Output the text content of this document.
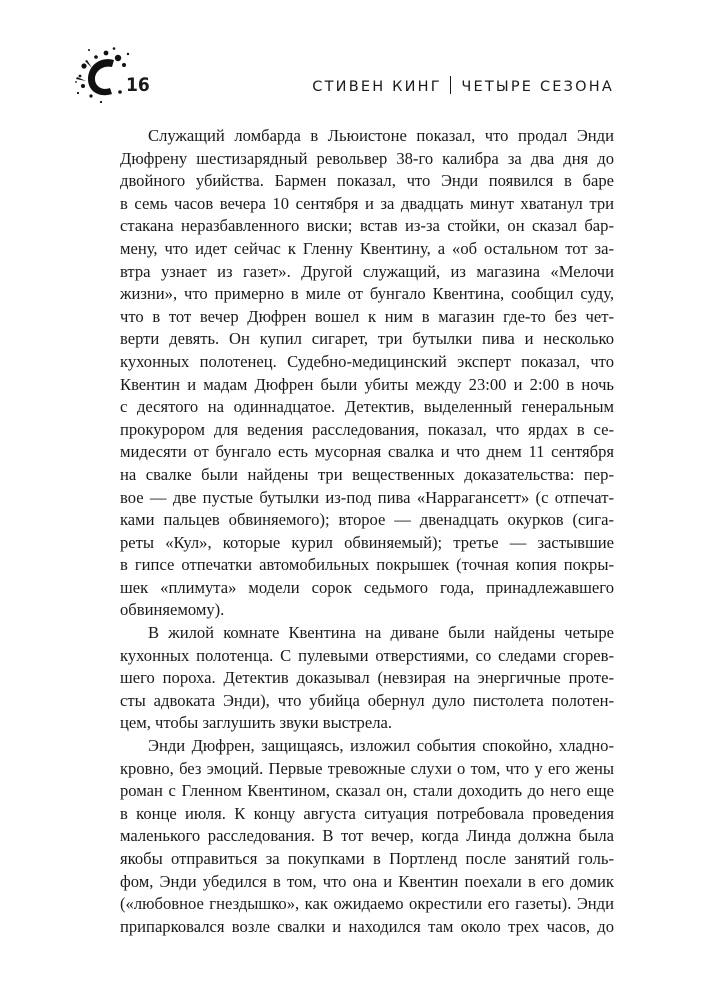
16	СТИВЕН КИНГ ЧЕТЫРЕ СЕЗОНА
Служащий ломбарда в Льюистоне показал, что продал Энди
Дюфрену шестизарядный револьвер 38-го калибра за два дня до
двойного убийства. Бармен показал, что Энди появился в баре
в семь часов вечера 10 сентября и за двадцать минут хватанул три
стакана неразбавленного виски; встав из-за стойки, он сказал бар-
мену, что идет сейчас к Гленну Квентину, а «об остальном тот за-
втра узнает из газет». Другой служащий, из магазина «Мелочи
жизни», что примерно в миле от бунгало Квентина, сообщил суду,
что в тот вечер Дюфрен вошел к ним в магазин где-то без чет-
верти девять. Он купил сигарет, три бутылки пива и несколько
кухонных полотенец. Судебно-медицинский эксперт показал, что
Квентин и мадам Дюфрен были убиты между 23:00 и 2:00 в ночь
с десятого на одиннадцатое. Детектив, выделенный генеральным
прокурором для ведения расследования, показал, что ярдах в се-
мидесяти от бунгало есть мусорная свалка и что днем 11 сентября
на свалке были найдены три вещественных доказательства: пер-
вое — две пустые бутылки из-под пива «Наррагансетт» (с отпечат-
ками пальцев обвиняемого); второе — двенадцать окурков (сига-
реты «Кул», которые курил обвиняемый); третье — застывшие
в гипсе отпечатки автомобильных покрышек (точная копия покры-
шек «плимута» модели сорок седьмого года, принадлежавшего
обвиняемому).
В жилой комнате Квентина на диване были найдены четыре
кухонных полотенца. С пулевыми отверстиями, со следами сгорев-
шего пороха. Детектив доказывал (невзирая на энергичные проте-
сты адвоката Энди), что убийца обернул дуло пистолета полотен-
цем, чтобы заглушить звуки выстрела.
Энди Дюфрен, защищаясь, изложил события спокойно, хладно-
кровно, без эмоций. Первые тревожные слухи о том, что у его жены
роман с Гленном Квентином, сказал он, стали доходить до него еще
в конце июля. К концу августа ситуация потребовала проведения
маленького расследования. В тот вечер, когда Линда должна была
якобы отправиться за покупками в Портленд после занятий голь-
фом, Энди убедился в том, что она и Квентин поехали в его домик
(«любовное гнездышко», как ожидаемо окрестили его газеты). Энди
припарковался возле свалки и находился там около трех часов, до
